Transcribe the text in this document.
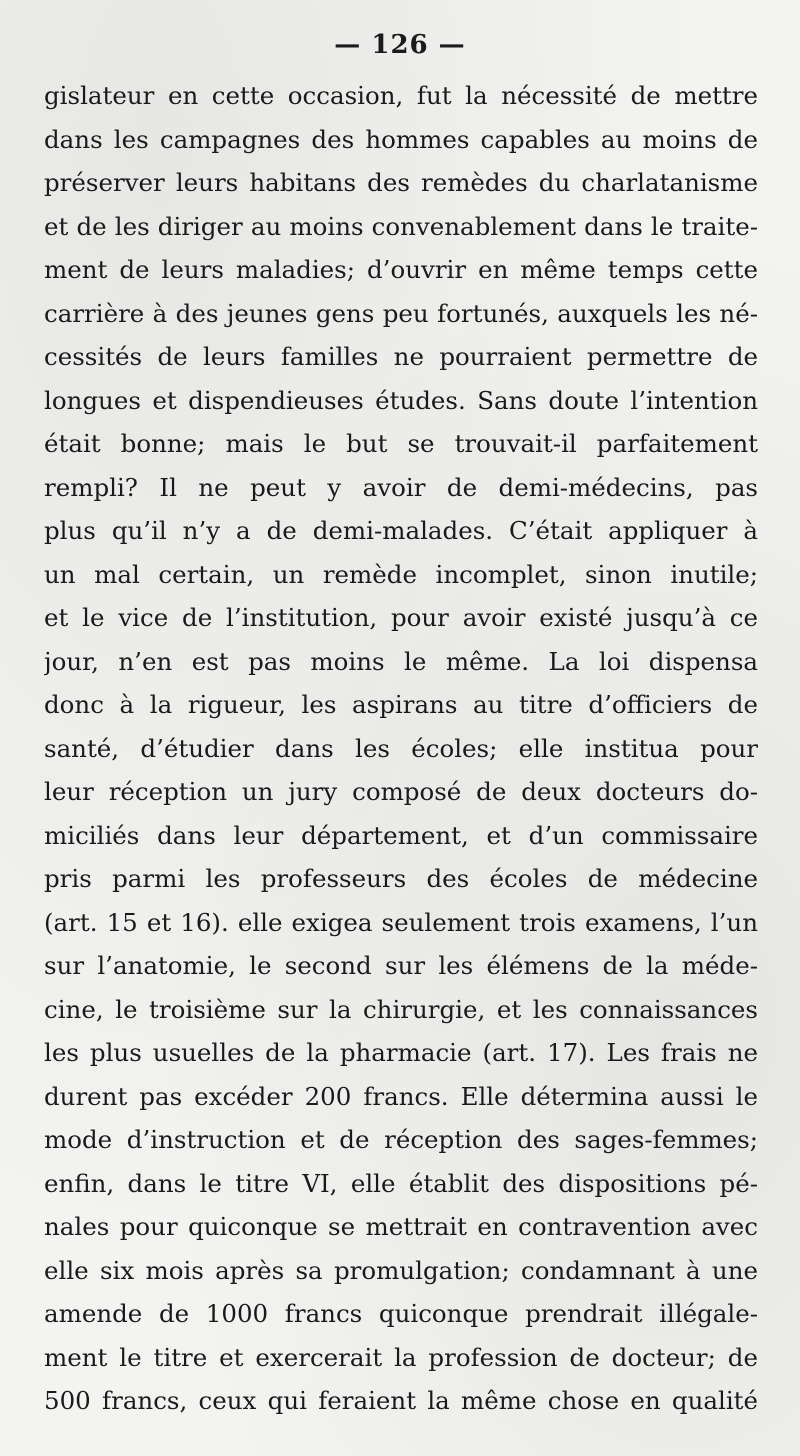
— 126 —
gislateur en cette occasion, fut la nécessité de mettre
dans les campagnes des hommes capables au moins de
préserver leurs habitans des remèdes du charlatanisme
et de les diriger au moins convenablement dans le traite-
ment de leurs maladies; d’ouvrir en même temps cette
carrière à des jeunes gens peu fortunés, auxquels les né-
cessités de leurs familles ne pourraient permettre de
longues et dispendieuses études. Sans doute l’intention
était bonne; mais le but se trouvait-il parfaitement
rempli? Il ne peut y avoir de demi-médecins, pas
plus qu’il n’y a de demi-malades. C’était appliquer à
un mal certain, un remède incomplet, sinon inutile;
et le vice de l’institution, pour avoir existé jusqu’à ce
jour, n’en est pas moins le même. La loi dispensa
donc à la rigueur, les aspirans au titre d’officiers de
santé, d’étudier dans les écoles; elle institua pour
leur réception un jury composé de deux docteurs do-
miciliés dans leur département, et d’un commissaire
pris parmi les professeurs des écoles de médecine
(art. 15 et 16). elle exigea seulement trois examens, l’un
sur l’anatomie, le second sur les élémens de la méde-
cine, le troisième sur la chirurgie, et les connaissances
les plus usuelles de la pharmacie (art. 17). Les frais ne
durent pas excéder 200 francs. Elle détermina aussi le
mode d’instruction et de réception des sages-femmes;
enfin, dans le titre VI, elle établit des dispositions pé-
nales pour quiconque se mettrait en contravention avec
elle six mois après sa promulgation; condamnant à une
amende de 1000 francs quiconque prendrait illégale-
ment le titre et exercerait la profession de docteur; de
500 francs, ceux qui feraient la même chose en qualité
